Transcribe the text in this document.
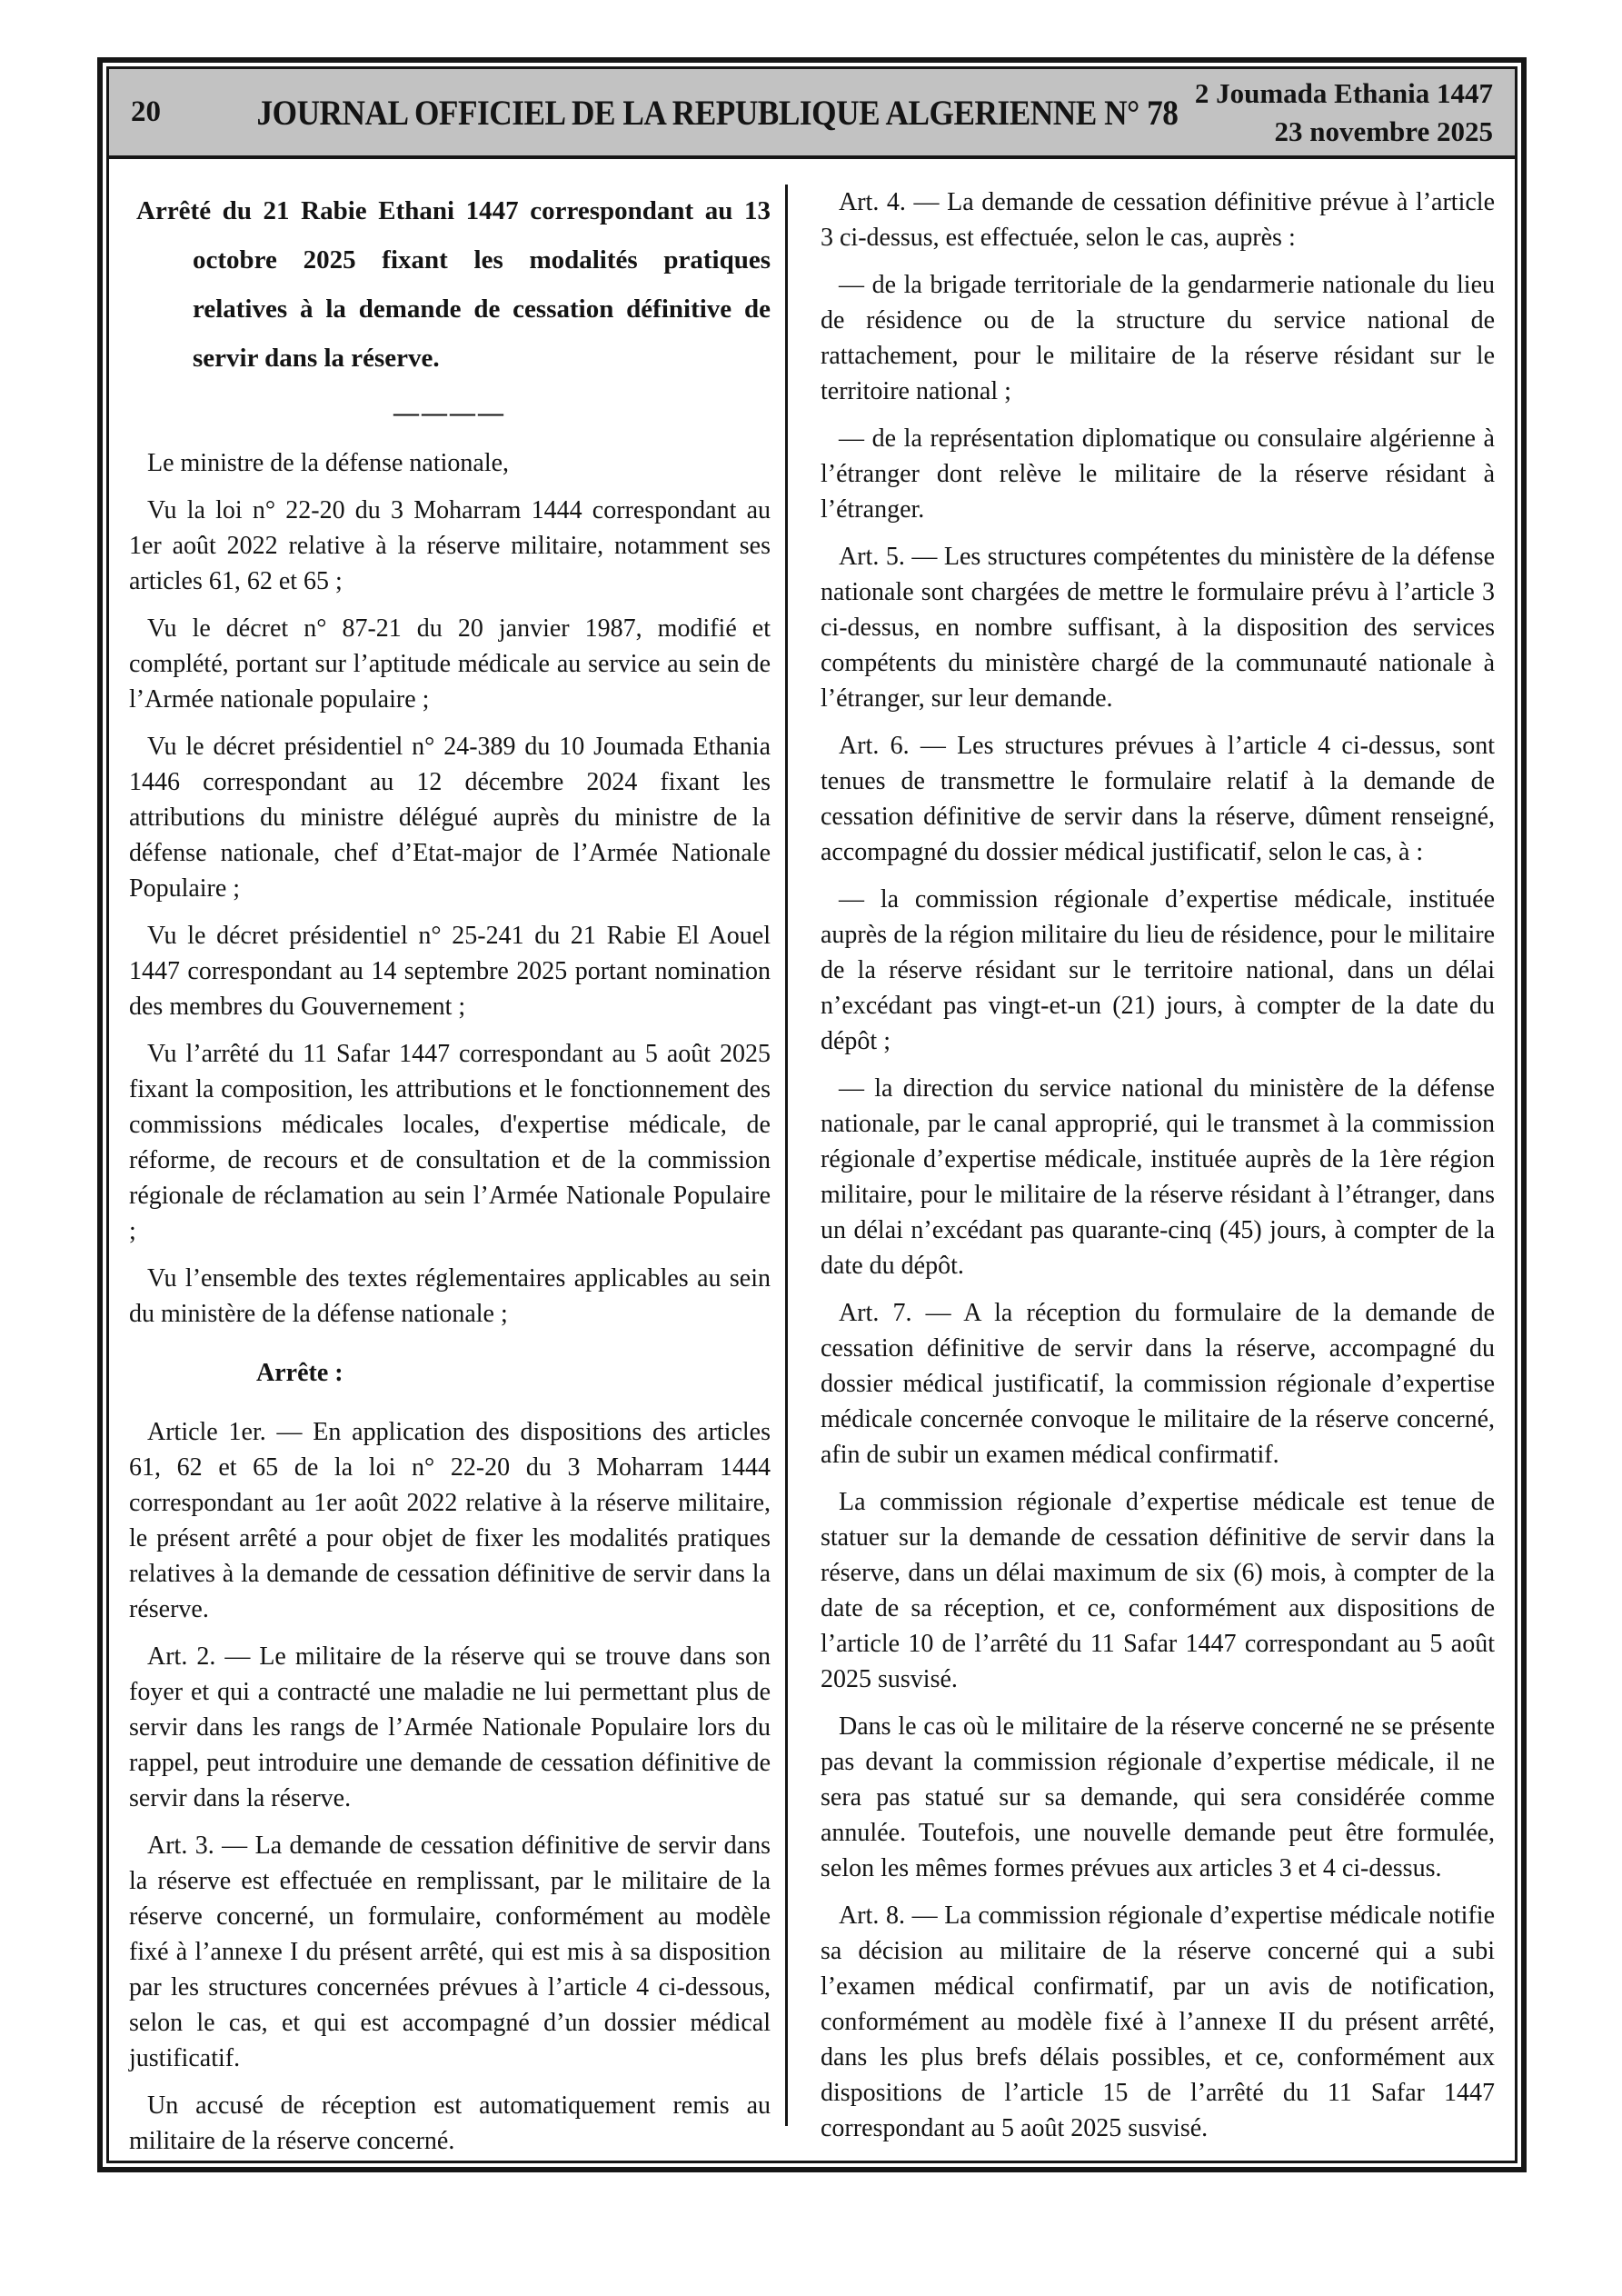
20	JOURNAL OFFICIEL DE LA REPUBLIQUE ALGERIENNE N° 78 2 Joumada Ethania 1447
23 novembre 2025

Arrêté du 21 Rabie Ethani 1447 correspondant au 13 octobre 2025 fixant les modalités pratiques relatives à la demande de cessation définitive de servir dans la réserve.

————

Le ministre de la défense nationale,

Vu la loi n° 22-20 du 3 Moharram 1444 correspondant au 1er août 2022 relative à la réserve militaire, notamment ses articles 61, 62 et 65 ;

Vu le décret n° 87-21 du 20 janvier 1987, modifié et complété, portant sur l’aptitude médicale au service au sein de l’Armée nationale populaire ;

Vu le décret présidentiel n° 24-389 du 10 Joumada Ethania 1446 correspondant au 12 décembre 2024 fixant les attributions du ministre délégué auprès du ministre de la défense nationale, chef d’Etat-major de l’Armée Nationale Populaire ;

Vu le décret présidentiel n° 25-241 du 21 Rabie El Aouel 1447 correspondant au 14 septembre 2025 portant nomination des membres du Gouvernement ;

Vu l’arrêté du 11 Safar 1447 correspondant au 5 août 2025 fixant la composition, les attributions et le fonctionnement des commissions médicales locales, d'expertise médicale, de réforme, de recours et de consultation et de la commission régionale de réclamation au sein l’Armée Nationale Populaire ;

Vu l’ensemble des textes réglementaires applicables au sein du ministère de la défense nationale ;

Arrête :

Article 1er. — En application des dispositions des articles 61, 62 et 65 de la loi n° 22-20 du 3 Moharram 1444 correspondant au 1er août 2022 relative à la réserve militaire, le présent arrêté a pour objet de fixer les modalités pratiques relatives à la demande de cessation définitive de servir dans la réserve.

Art. 2. — Le militaire de la réserve qui se trouve dans son foyer et qui a contracté une maladie ne lui permettant plus de servir dans les rangs de l’Armée Nationale Populaire lors du rappel, peut introduire une demande de cessation définitive de servir dans la réserve.

Art. 3. — La demande de cessation définitive de servir dans la réserve est effectuée en remplissant, par le militaire de la réserve concerné, un formulaire, conformément au modèle fixé à l’annexe I du présent arrêté, qui est mis à sa disposition par les structures concernées prévues à l’article 4 ci-dessous, selon le cas, et qui est accompagné d’un dossier médical justificatif.

Un accusé de réception est automatiquement remis au militaire de la réserve concerné.

Art. 4. — La demande de cessation définitive prévue à l’article 3 ci-dessus, est effectuée, selon le cas, auprès :

— de la brigade territoriale de la gendarmerie nationale du lieu de résidence ou de la structure du service national de rattachement, pour le militaire de la réserve résidant sur le territoire national ;

— de la représentation diplomatique ou consulaire algérienne à l’étranger dont relève le militaire de la réserve résidant à l’étranger.

Art. 5. — Les structures compétentes du ministère de la défense nationale sont chargées de mettre le formulaire prévu à l’article 3 ci-dessus, en nombre suffisant, à la disposition des services compétents du ministère chargé de la communauté nationale à l’étranger, sur leur demande.

Art. 6. — Les structures prévues à l’article 4 ci-dessus, sont tenues de transmettre le formulaire relatif à la demande de cessation définitive de servir dans la réserve, dûment renseigné, accompagné du dossier médical justificatif, selon le cas, à :

— la commission régionale d’expertise médicale, instituée auprès de la région militaire du lieu de résidence, pour le militaire de la réserve résidant sur le territoire national, dans un délai n’excédant pas vingt-et-un (21) jours, à compter de la date du dépôt ;

— la direction du service national du ministère de la défense nationale, par le canal approprié, qui le transmet à la commission régionale d’expertise médicale, instituée auprès de la 1ère région militaire, pour le militaire de la réserve résidant à l’étranger, dans un délai n’excédant pas quarante-cinq (45) jours, à compter de la date du dépôt.

Art. 7. — A la réception du formulaire de la demande de cessation définitive de servir dans la réserve, accompagné du dossier médical justificatif, la commission régionale d’expertise médicale concernée convoque le militaire de la réserve concerné, afin de subir un examen médical confirmatif.

La commission régionale d’expertise médicale est tenue de statuer sur la demande de cessation définitive de servir dans la réserve, dans un délai maximum de six (6) mois, à compter de la date de sa réception, et ce, conformément aux dispositions de l’article 10 de l’arrêté du 11 Safar 1447 correspondant au 5 août 2025 susvisé.

Dans le cas où le militaire de la réserve concerné ne se présente pas devant la commission régionale d’expertise médicale, il ne sera pas statué sur sa demande, qui sera considérée comme annulée. Toutefois, une nouvelle demande peut être formulée, selon les mêmes formes prévues aux articles 3 et 4 ci-dessus.

Art. 8. — La commission régionale d’expertise médicale notifie sa décision au militaire de la réserve concerné qui a subi l’examen médical confirmatif, par un avis de notification, conformément au modèle fixé à l’annexe II du présent arrêté, dans les plus brefs délais possibles, et ce, conformément aux dispositions de l’article 15 de l’arrêté du 11 Safar 1447 correspondant au 5 août 2025 susvisé.
